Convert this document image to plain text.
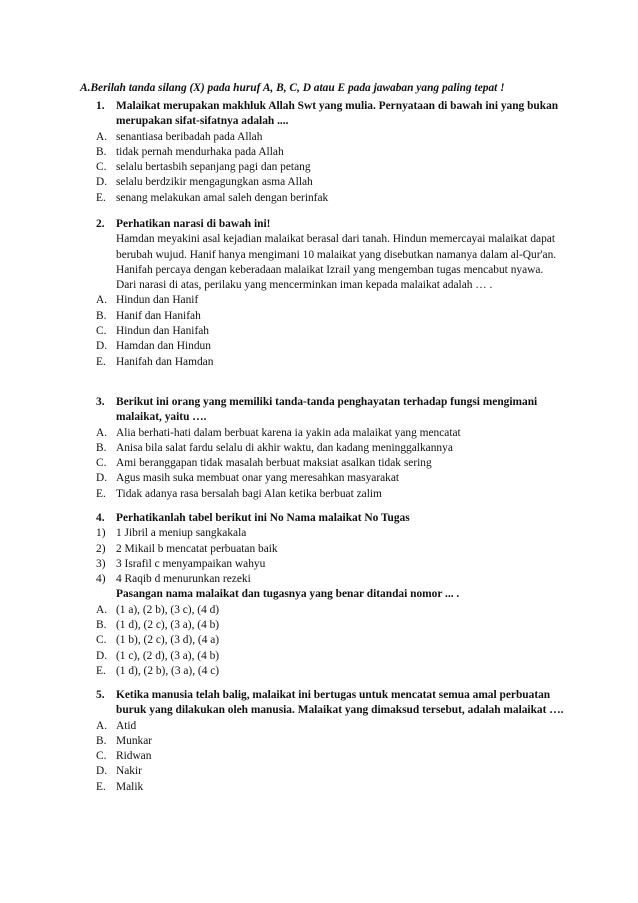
A.Berilah tanda silang (X) pada huruf A, B, C, D atau E pada jawaban yang paling tepat !
1.	Malaikat merupakan makhluk Allah Swt yang mulia. Pernyataan di bawah ini yang bukan merupakan sifat-sifatnya adalah ....
A. senantiasa beribadah pada Allah
B. tidak pernah mendurhaka pada Allah
C. selalu bertasbih sepanjang pagi dan petang
D. selalu berdzikir mengagungkan asma Allah
E. senang melakukan amal saleh dengan berinfak
2.	Perhatikan narasi di bawah ini!
Hamdan meyakini asal kejadian malaikat berasal dari tanah. Hindun memercayai malaikat dapat berubah wujud. Hanif hanya mengimani 10 malaikat yang disebutkan namanya dalam al-Qur'an. Hanifah percaya dengan keberadaan malaikat Izrail yang mengemban tugas mencabut nyawa. Dari narasi di atas, perilaku yang mencerminkan iman kepada malaikat adalah … .
A. Hindun dan Hanif
B. Hanif dan Hanifah
C. Hindun dan Hanifah
D. Hamdan dan Hindun
E. Hanifah dan Hamdan
3.	Berikut ini orang yang memiliki tanda-tanda penghayatan terhadap fungsi mengimani malaikat, yaitu ….
A. Alia berhati-hati dalam berbuat karena ia yakin ada malaikat yang mencatat
B. Anisa bila salat fardu selalu di akhir waktu, dan kadang meninggalkannya
C. Ami beranggapan tidak masalah berbuat maksiat asalkan tidak sering
D. Agus masih suka membuat onar yang meresahkan masyarakat
E. Tidak adanya rasa bersalah bagi Alan ketika berbuat zalim
4.	Perhatikanlah tabel berikut ini No Nama malaikat No Tugas
1) 1 Jibril a meniup sangkakala
2) 2 Mikail b mencatat perbuatan baik
3) 3 Israfil c menyampaikan wahyu
4) 4 Raqib d menurunkan rezeki
Pasangan nama malaikat dan tugasnya yang benar ditandai nomor ... .
A. (1 a), (2 b), (3 c), (4 d)
B. (1 d), (2 c), (3 a), (4 b)
C. (1 b), (2 c), (3 d), (4 a)
D. (1 c), (2 d), (3 a), (4 b)
E. (1 d), (2 b), (3 a), (4 c)
5.	Ketika manusia telah balig, malaikat ini bertugas untuk mencatat semua amal perbuatan buruk yang dilakukan oleh manusia. Malaikat yang dimaksud tersebut, adalah malaikat ….
A. Atid
B. Munkar
C. Ridwan
D. Nakir
E. Malik
